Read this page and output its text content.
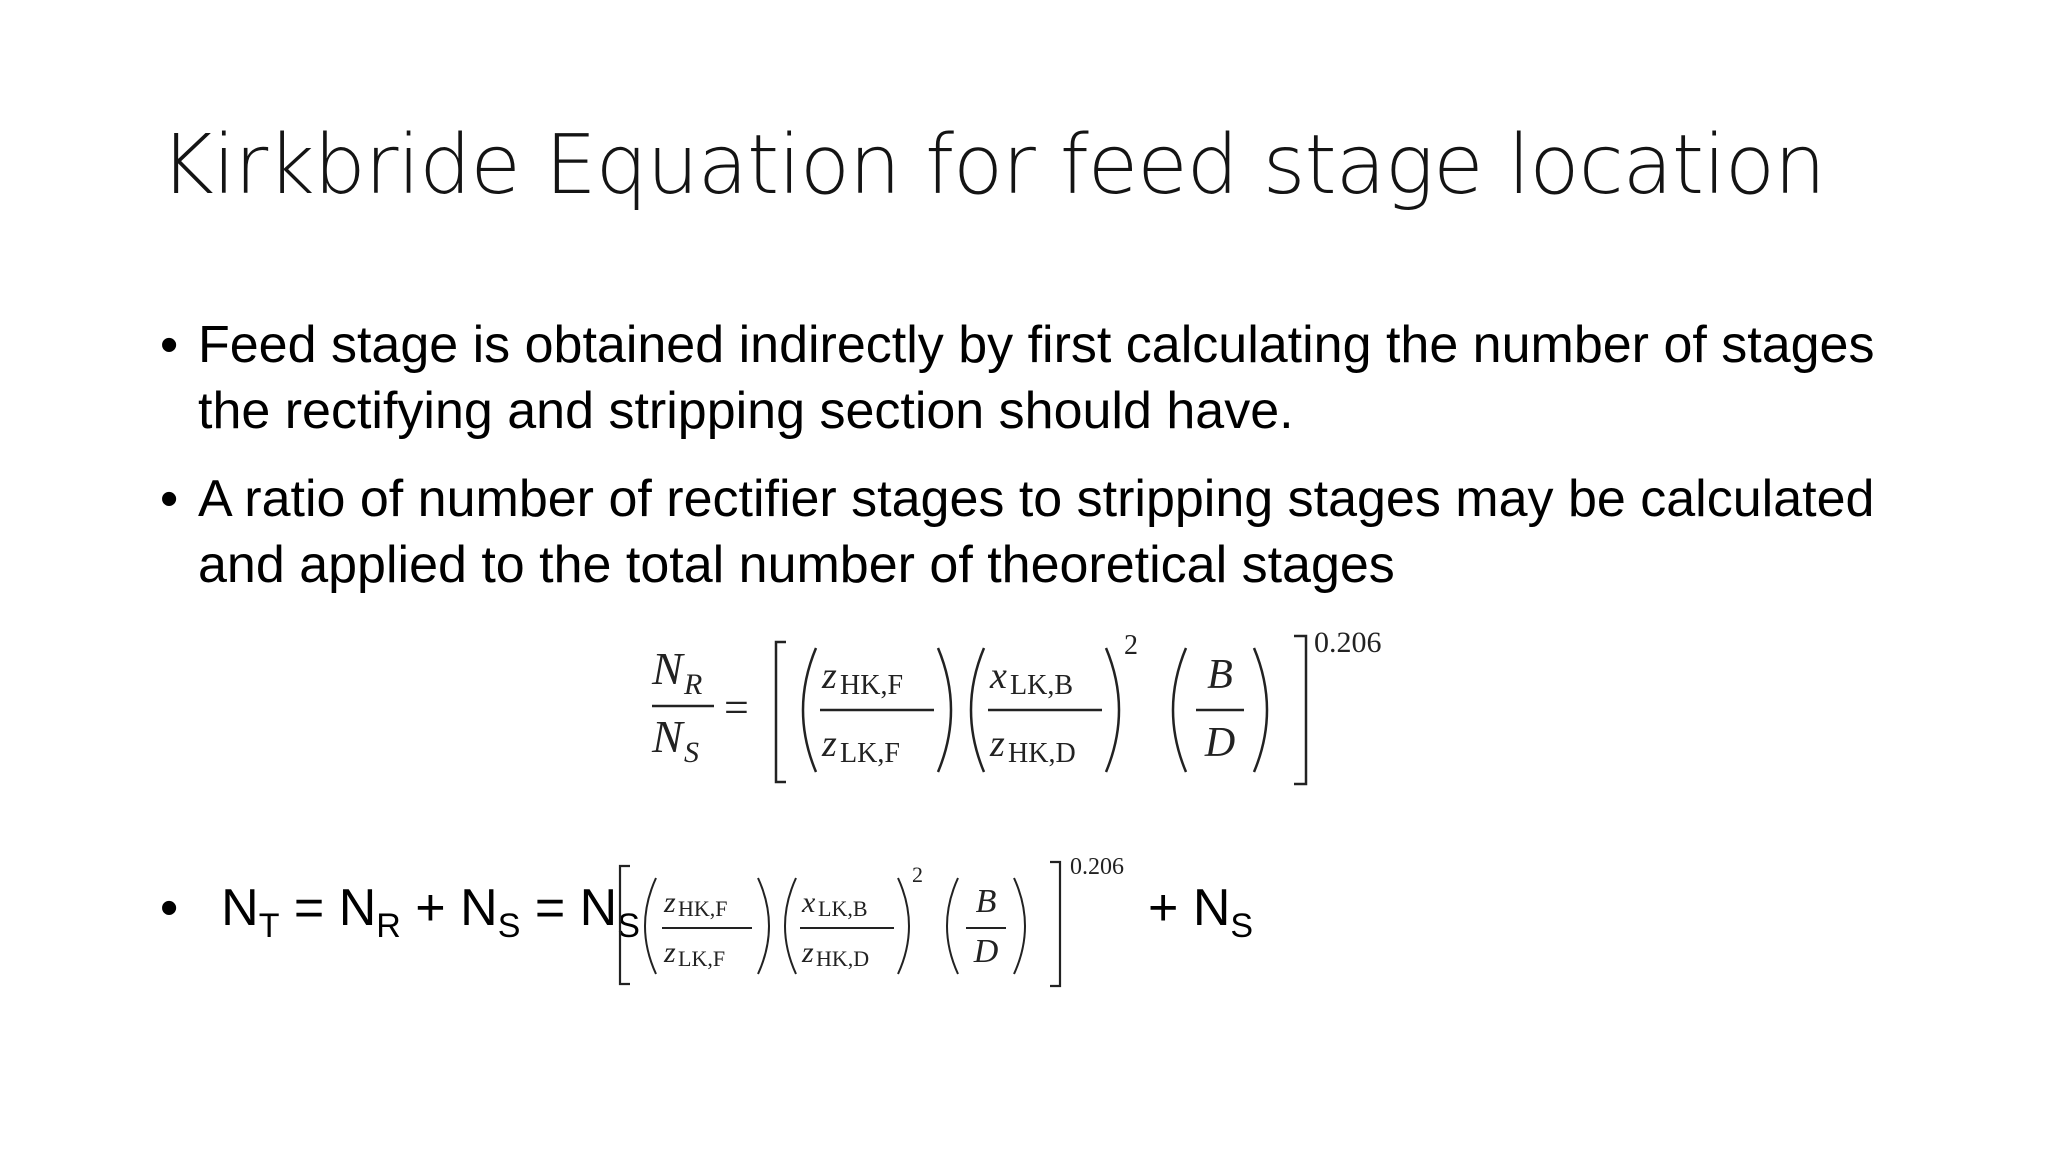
Kirkbride Equation for feed stage location
• Feed stage is obtained indirectly by first calculating the number of stages the rectifying and stripping section should have.
• A ratio of number of rectifier stages to stripping stages may be calculated and applied to the total number of theoretical stages
N R
N S
=
z HK,F
z LK,F
x LK,B
z HK,D
2
B
D
0.206
• $N_T = N_R + N_S = N_S$
z HK,F
z LK,F
x LK,B
z HK,D
2
B
D
0.206
+ $N_S$
